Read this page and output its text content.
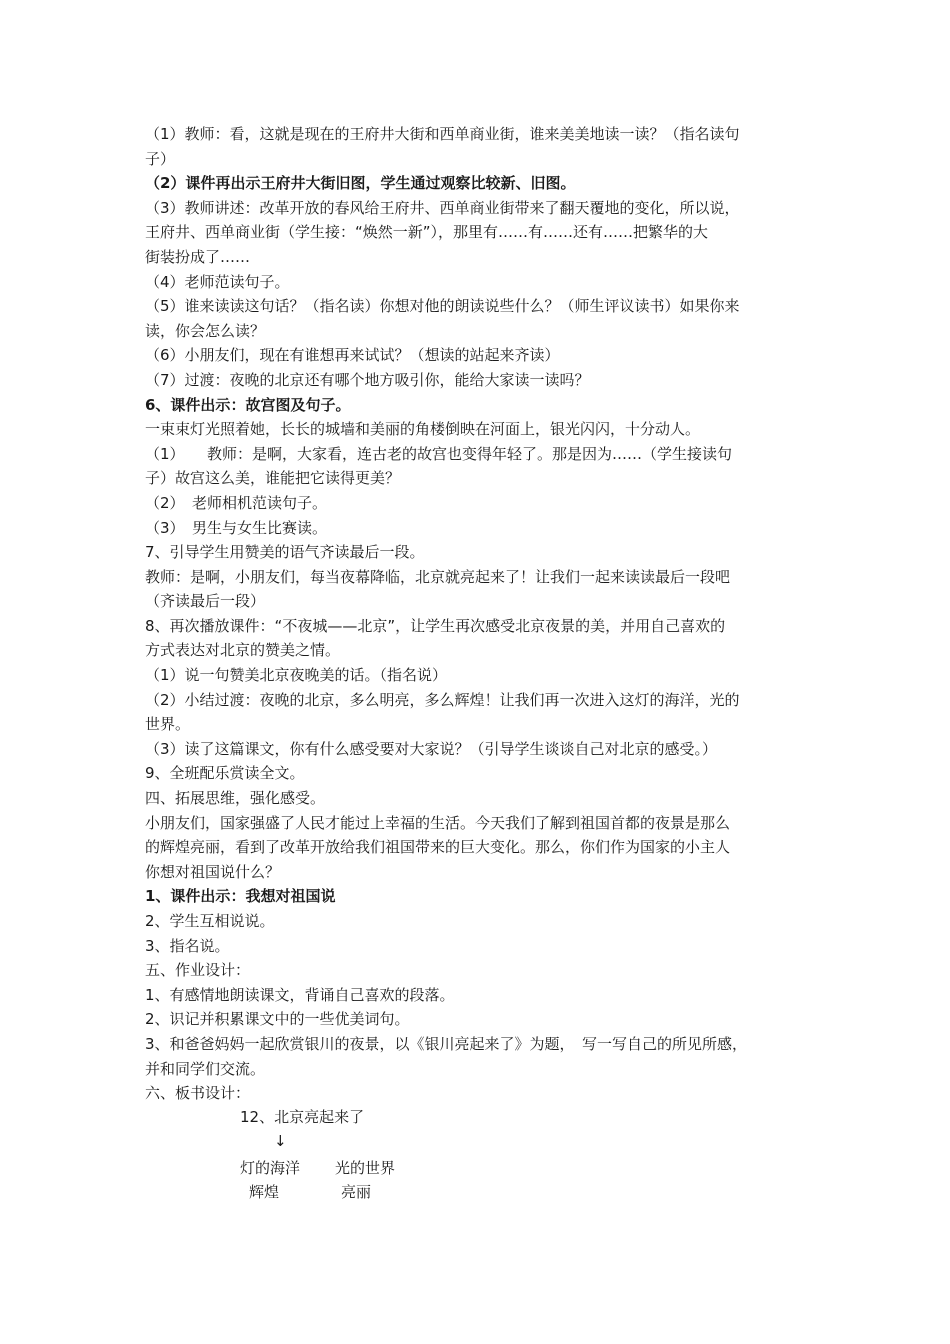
（1）教师：看，这就是现在的王府井大街和西单商业街，谁来美美地读一读？（指名读句
子）
（2）课件再出示王府井大街旧图，学生通过观察比较新、旧图。
（3）教师讲述：改革开放的春风给王府井、西单商业街带来了翻天覆地的变化，所以说，
王府井、西单商业街（学生接：“焕然一新”），那里有……有……还有……把繁华的大
街装扮成了……
（4）老师范读句子。
（5）谁来读读这句话？（指名读）你想对他的朗读说些什么？（师生评议读书）如果你来
读，你会怎么读？
（6）小朋友们，现在有谁想再来试试？（想读的站起来齐读）
（7）过渡：夜晚的北京还有哪个地方吸引你，能给大家读一读吗？
6、课件出示：故宫图及句子。
一束束灯光照着她，长长的城墙和美丽的角楼倒映在河面上，银光闪闪，十分动人。
（1）　　教师：是啊，大家看，连古老的故宫也变得年轻了。那是因为……（学生接读句
子）故宫这么美，谁能把它读得更美？
（2）　老师相机范读句子。
（3）　男生与女生比赛读。
7、引导学生用赞美的语气齐读最后一段。
教师：是啊，小朋友们，每当夜幕降临，北京就亮起来了！让我们一起来读读最后一段吧
（齐读最后一段）
8、再次播放课件：“不夜城——北京”，让学生再次感受北京夜景的美，并用自己喜欢的
方式表达对北京的赞美之情。
（1）说一句赞美北京夜晚美的话。（指名说）
（2）小结过渡：夜晚的北京，多么明亮，多么辉煌！让我们再一次进入这灯的海洋，光的
世界。
（3）读了这篇课文，你有什么感受要对大家说？（引导学生谈谈自己对北京的感受。）
9、全班配乐赏读全文。
四、拓展思维，强化感受。
小朋友们，国家强盛了人民才能过上幸福的生活。今天我们了解到祖国首都的夜景是那么
的辉煌亮丽，看到了改革开放给我们祖国带来的巨大变化。那么，你们作为国家的小主人
你想对祖国说什么？
1、课件出示：我想对祖国说
2、学生互相说说。
3、指名说。
五、作业设计：
1、有感情地朗读课文，背诵自己喜欢的段落。
2、识记并积累课文中的一些优美词句。
3、和爸爸妈妈一起欣赏银川的夜景，以《银川亮起来了》为题，　写一写自己的所见所感，
并和同学们交流。
六、板书设计：
12、北京亮起来了
↓
灯的海洋 光的世界
辉煌	亮丽
